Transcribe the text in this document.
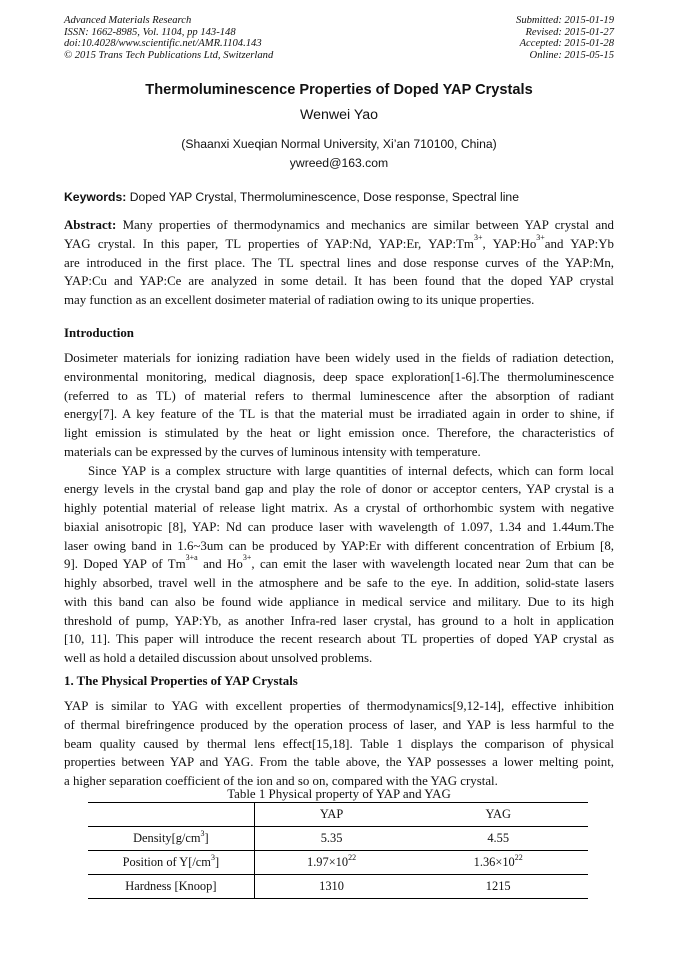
Advanced Materials Research
ISSN: 1662-8985, Vol. 1104, pp 143-148
doi:10.4028/www.scientific.net/AMR.1104.143
© 2015 Trans Tech Publications Ltd, Switzerland
Submitted: 2015-01-19
Revised: 2015-01-27
Accepted: 2015-01-28
Online: 2015-05-15
Thermoluminescence Properties of Doped YAP Crystals
Wenwei Yao
(Shaanxi Xueqian Normal University, Xi’an 710100, China)
ywreed@163.com
Keywords: Doped YAP Crystal, Thermoluminescence, Dose response, Spectral line
Abstract: Many properties of thermodynamics and mechanics are similar between YAP crystal and
YAG crystal. In this paper, TL properties of YAP:Nd, YAP:Er, $YAP:Tm^{3+}$, $YAP:Ho^{3+}and$ YAP:Yb
are introduced in the first place. The TL spectral lines and dose response curves of the YAP:Mn,
YAP:Cu and YAP:Ce are analyzed in some detail. It has been found that the doped YAP crystal
may function as an excellent dosimeter material of radiation owing to its unique properties.
Introduction
Dosimeter materials for ionizing radiation have been widely used in the fields of radiation detection,
environmental monitoring, medical diagnosis, deep space exploration[1-6].The thermoluminescence
(referred to as TL) of material refers to thermal luminescence after the absorption of radiant
energy[7]. A key feature of the TL is that the material must be irradiated again in order to shine, if
light emission is stimulated by the heat or light emission once. Therefore, the characteristics of
materials can be expressed by the curves of luminous intensity with temperature.
Since YAP is a complex structure with large quantities of internal defects, which can form local
energy levels in the crystal band gap and play the role of donor or acceptor centers, YAP crystal is a
highly potential material of release light matrix. As a crystal of orthorhombic system with negative
biaxial anisotropic [8], YAP: Nd can produce laser with wavelength of 1.097, 1.34 and 1.44um.The
laser owing band in 1.6~3um can be produced by YAP:Er with different concentration of Erbium [8,
9]. Doped YAP of $Tm^{3+a}$ and $Ho^{3+}$, can emit the laser with wavelength located near 2um that can be
highly absorbed, travel well in the atmosphere and be safe to the eye. In addition, solid-state lasers
with this band can also be found wide appliance in medical service and military. Due to its high
threshold of pump, YAP:Yb, as another Infra-red laser crystal, has ground to a holt in application
[10, 11]. This paper will introduce the recent research about TL properties of doped YAP crystal as
well as hold a detailed discussion about unsolved problems.
1. The Physical Properties of YAP Crystals
YAP is similar to YAG with excellent properties of thermodynamics[9,12-14], effective inhibition
of thermal birefringence produced by the operation process of laser, and YAP is less harmful to the
beam quality caused by thermal lens effect[15,18]. Table 1 displays the comparison of physical
properties between YAP and YAG. From the table above, the YAP possesses a lower melting point,
a higher separation coefficient of the ion and so on, compared with the YAG crystal.
Table 1 Physical property of YAP and YAG
	YAP	YAG
$Density[g/cm^3]$	5.35	4.55
Position of $Y[/cm^3]$	$1.97\times 10^{22}$	$1.36\times 10^{22}$
Hardness [Knoop]	1310	1215
